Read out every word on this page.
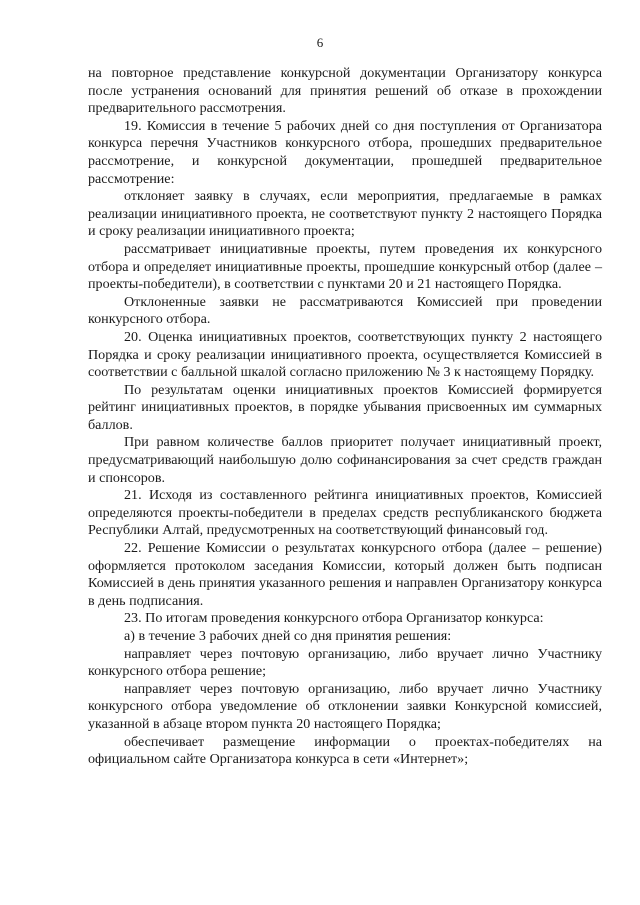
6

на повторное представление конкурсной документации Организатору конкурса после устранения оснований для принятия решений об отказе в прохождении предварительного рассмотрения.

19. Комиссия в течение 5 рабочих дней со дня поступления от Организатора конкурса перечня Участников конкурсного отбора, прошедших предварительное рассмотрение, и конкурсной документации, прошедшей предварительное рассмотрение:

отклоняет заявку в случаях, если мероприятия, предлагаемые в рамках реализации инициативного проекта, не соответствуют пункту 2 настоящего Порядка и сроку реализации инициативного проекта;

рассматривает инициативные проекты, путем проведения их конкурсного отбора и определяет инициативные проекты, прошедшие конкурсный отбор (далее – проекты-победители), в соответствии с пунктами 20 и 21 настоящего Порядка.

Отклоненные заявки не рассматриваются Комиссией при проведении конкурсного отбора.

20. Оценка инициативных проектов, соответствующих пункту 2 настоящего Порядка и сроку реализации инициативного проекта, осуществляется Комиссией в соответствии с балльной шкалой согласно приложению № 3 к настоящему Порядку.

По результатам оценки инициативных проектов Комиссией формируется рейтинг инициативных проектов, в порядке убывания присвоенных им суммарных баллов.

При равном количестве баллов приоритет получает инициативный проект, предусматривающий наибольшую долю софинансирования за счет средств граждан и спонсоров.

21. Исходя из составленного рейтинга инициативных проектов, Комиссией определяются проекты-победители в пределах средств республиканского бюджета Республики Алтай, предусмотренных на соответствующий финансовый год.

22. Решение Комиссии о результатах конкурсного отбора (далее – решение) оформляется протоколом заседания Комиссии, который должен быть подписан Комиссией в день принятия указанного решения и направлен Организатору конкурса в день подписания.

23. По итогам проведения конкурсного отбора Организатор конкурса:

а) в течение 3 рабочих дней со дня принятия решения:

направляет через почтовую организацию, либо вручает лично Участнику конкурсного отбора решение;

направляет через почтовую организацию, либо вручает лично Участнику конкурсного отбора уведомление об отклонении заявки Конкурсной комиссией, указанной в абзаце втором пункта 20 настоящего Порядка;

обеспечивает размещение информации о проектах-победителях на официальном сайте Организатора конкурса в сети «Интернет»;
